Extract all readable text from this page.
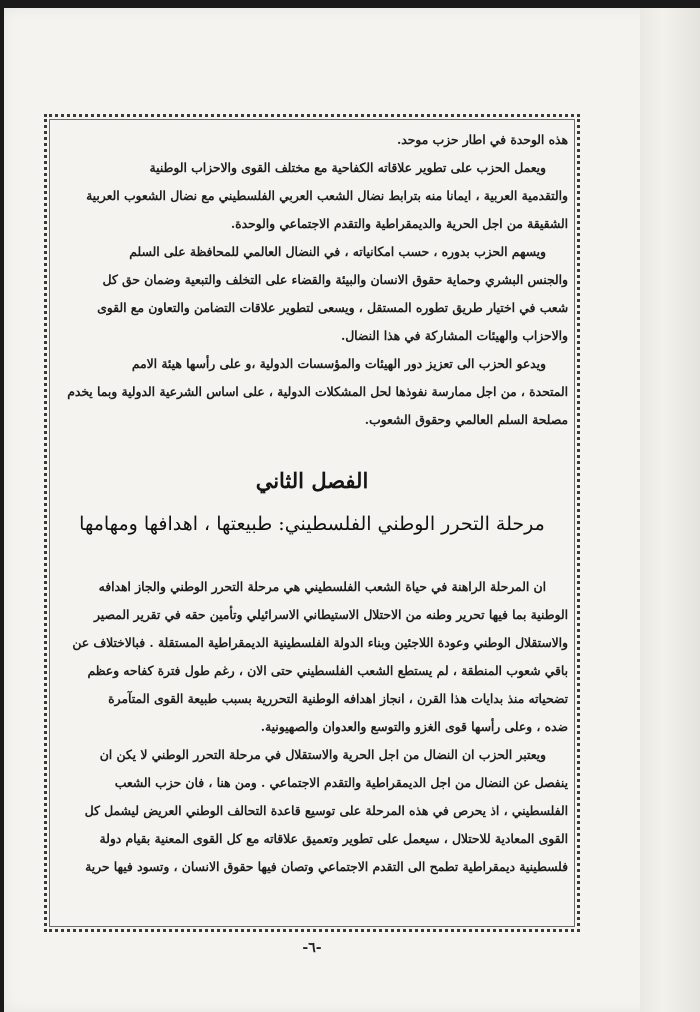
هذه الوحدة في اطار حزب موحد.

ويعمل الحزب على تطوير علاقاته الكفاحية مع مختلف القوى والاحزاب الوطنية

والتقدمية العربية ، ايمانا منه بترابط نضال الشعب العربي الفلسطيني مع نضال الشعوب العربية

الشقيقة من اجل الحرية والديمقراطية والتقدم الاجتماعي والوحدة.

ويسهم الحزب بدوره ، حسب امكانياته ، في النضال العالمي للمحافظة على السلم

والجنس البشري وحماية حقوق الانسان والبيئة والقضاء على التخلف والتبعية وضمان حق كل

شعب في اختيار طريق تطوره المستقل ، ويسعى لتطوير علاقات التضامن والتعاون مع القوى

والاحزاب والهيئات المشاركة في هذا النضال.

ويدعو الحزب الى تعزيز دور الهيئات والمؤسسات الدولية ،و على رأسها هيئة الامم

المتحدة ، من اجل ممارسة نفوذها لحل المشكلات الدولية ، على اساس الشرعية الدولية وبما يخدم

مصلحة السلم العالمي وحقوق الشعوب.

الفصل الثاني
مرحلة التحرر الوطني الفلسطيني: طبيعتها ، اهدافها ومهامها

ان المرحلة الراهنة في حياة الشعب الفلسطيني هي مرحلة التحرر الوطني والجاز اهدافه

الوطنية بما فيها تحرير وطنه من الاحتلال الاستيطاني الاسرائيلي وتأمين حقه في تقرير المصير

والاستقلال الوطني وعودة اللاجئين وبناء الدولة الفلسطينية الديمقراطية المستقلة . فبالاختلاف عن

باقي شعوب المنطقة ، لم يستطع الشعب الفلسطيني حتى الان ، رغم طول فترة كفاحه وعظم

تضحياته منذ بدايات هذا القرن ، انجاز اهدافه الوطنية التحررية بسبب طبيعة القوى المتآمرة

ضده ، وعلى رأسها قوى الغزو والتوسع والعدوان والصهيونية.

ويعتبر الحزب ان النضال من اجل الحرية والاستقلال في مرحلة التحرر الوطني لا يكن ان

ينفصل عن النضال من اجل الديمقراطية والتقدم الاجتماعي . ومن هنا ، فان حزب الشعب

الفلسطيني ، اذ يحرص في هذه المرحلة على توسيع قاعدة التحالف الوطني العريض ليشمل كل

القوى المعادية للاحتلال ، سيعمل على تطوير وتعميق علاقاته مع كل القوى المعنية بقيام دولة

فلسطينية ديمقراطية تطمح الى التقدم الاجتماعي وتصان فيها حقوق الانسان ، وتسود فيها حرية

-٦-
